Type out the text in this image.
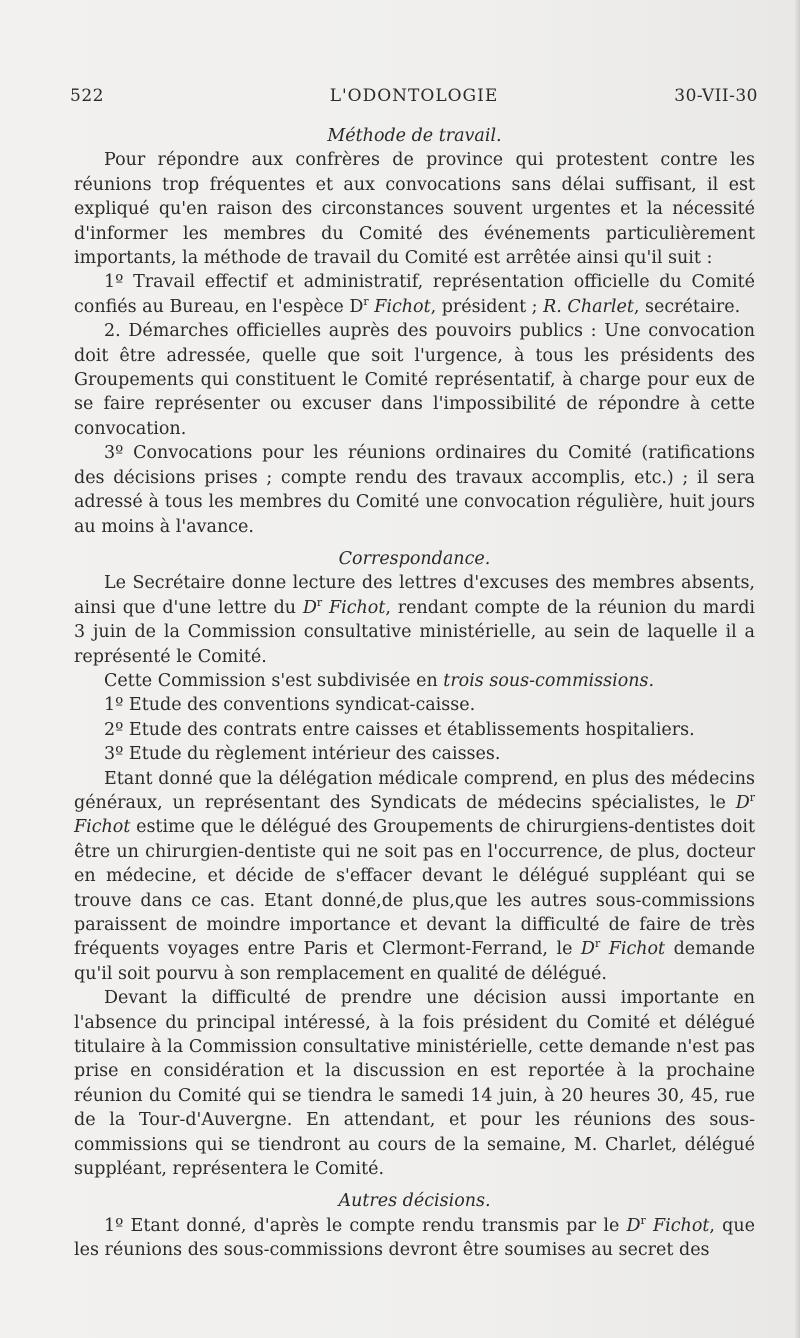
522	L'ODONTOLOGIE	30-VII-30

Méthode de travail.

Pour répondre aux confrères de province qui protestent contre les réunions trop fréquentes et aux convocations sans délai suffisant, il est expliqué qu'en raison des circonstances souvent urgentes et la nécessité d'informer les membres du Comité des événements particulièrement importants, la méthode de travail du Comité est arrêtée ainsi qu'il suit :

1º Travail effectif et administratif, représentation officielle du Comité confiés au Bureau, en l'espèce $D^r$ Fichot, président ; R. Charlet, secrétaire.

2. Démarches officielles auprès des pouvoirs publics : Une convocation doit être adressée, quelle que soit l'urgence, à tous les présidents des Groupements qui constituent le Comité représentatif, à charge pour eux de se faire représenter ou excuser dans l'impossibilité de répondre à cette convocation.

3º Convocations pour les réunions ordinaires du Comité (ratifications des décisions prises ; compte rendu des travaux accomplis, etc.) ; il sera adressé à tous les membres du Comité une convocation régulière, huit jours au moins à l'avance.

Correspondance.

Le Secrétaire donne lecture des lettres d'excuses des membres absents, ainsi que d'une lettre du $D^r$ Fichot, rendant compte de la réunion du mardi 3 juin de la Commission consultative ministérielle, au sein de laquelle il a représenté le Comité.

Cette Commission s'est subdivisée en trois sous-commissions.

1º Etude des conventions syndicat-caisse.

2º Etude des contrats entre caisses et établissements hospitaliers.

3º Etude du règlement intérieur des caisses.

Etant donné que la délégation médicale comprend, en plus des médecins généraux, un représentant des Syndicats de médecins spécialistes, le $D^r$ Fichot estime que le délégué des Groupements de chirurgiens-dentistes doit être un chirurgien-dentiste qui ne soit pas en l'occurrence, de plus, docteur en médecine, et décide de s'effacer devant le délégué suppléant qui se trouve dans ce cas. Etant donné,de plus,que les autres sous-commissions paraissent de moindre importance et devant la difficulté de faire de très fréquents voyages entre Paris et Clermont-Ferrand, le $D^r$ Fichot demande qu'il soit pourvu à son remplacement en qualité de délégué.

Devant la difficulté de prendre une décision aussi importante en l'absence du principal intéressé, à la fois président du Comité et délégué titulaire à la Commission consultative ministérielle, cette demande n'est pas prise en considération et la discussion en est reportée à la prochaine réunion du Comité qui se tiendra le samedi 14 juin, à 20 heures 30, 45, rue de la Tour-d'Auvergne. En attendant, et pour les réunions des sous-commissions qui se tiendront au cours de la semaine, M. Charlet, délégué suppléant, représentera le Comité.

Autres décisions.

1º Etant donné, d'après le compte rendu transmis par le $D^r$ Fichot, que les réunions des sous-commissions devront être soumises au secret des
